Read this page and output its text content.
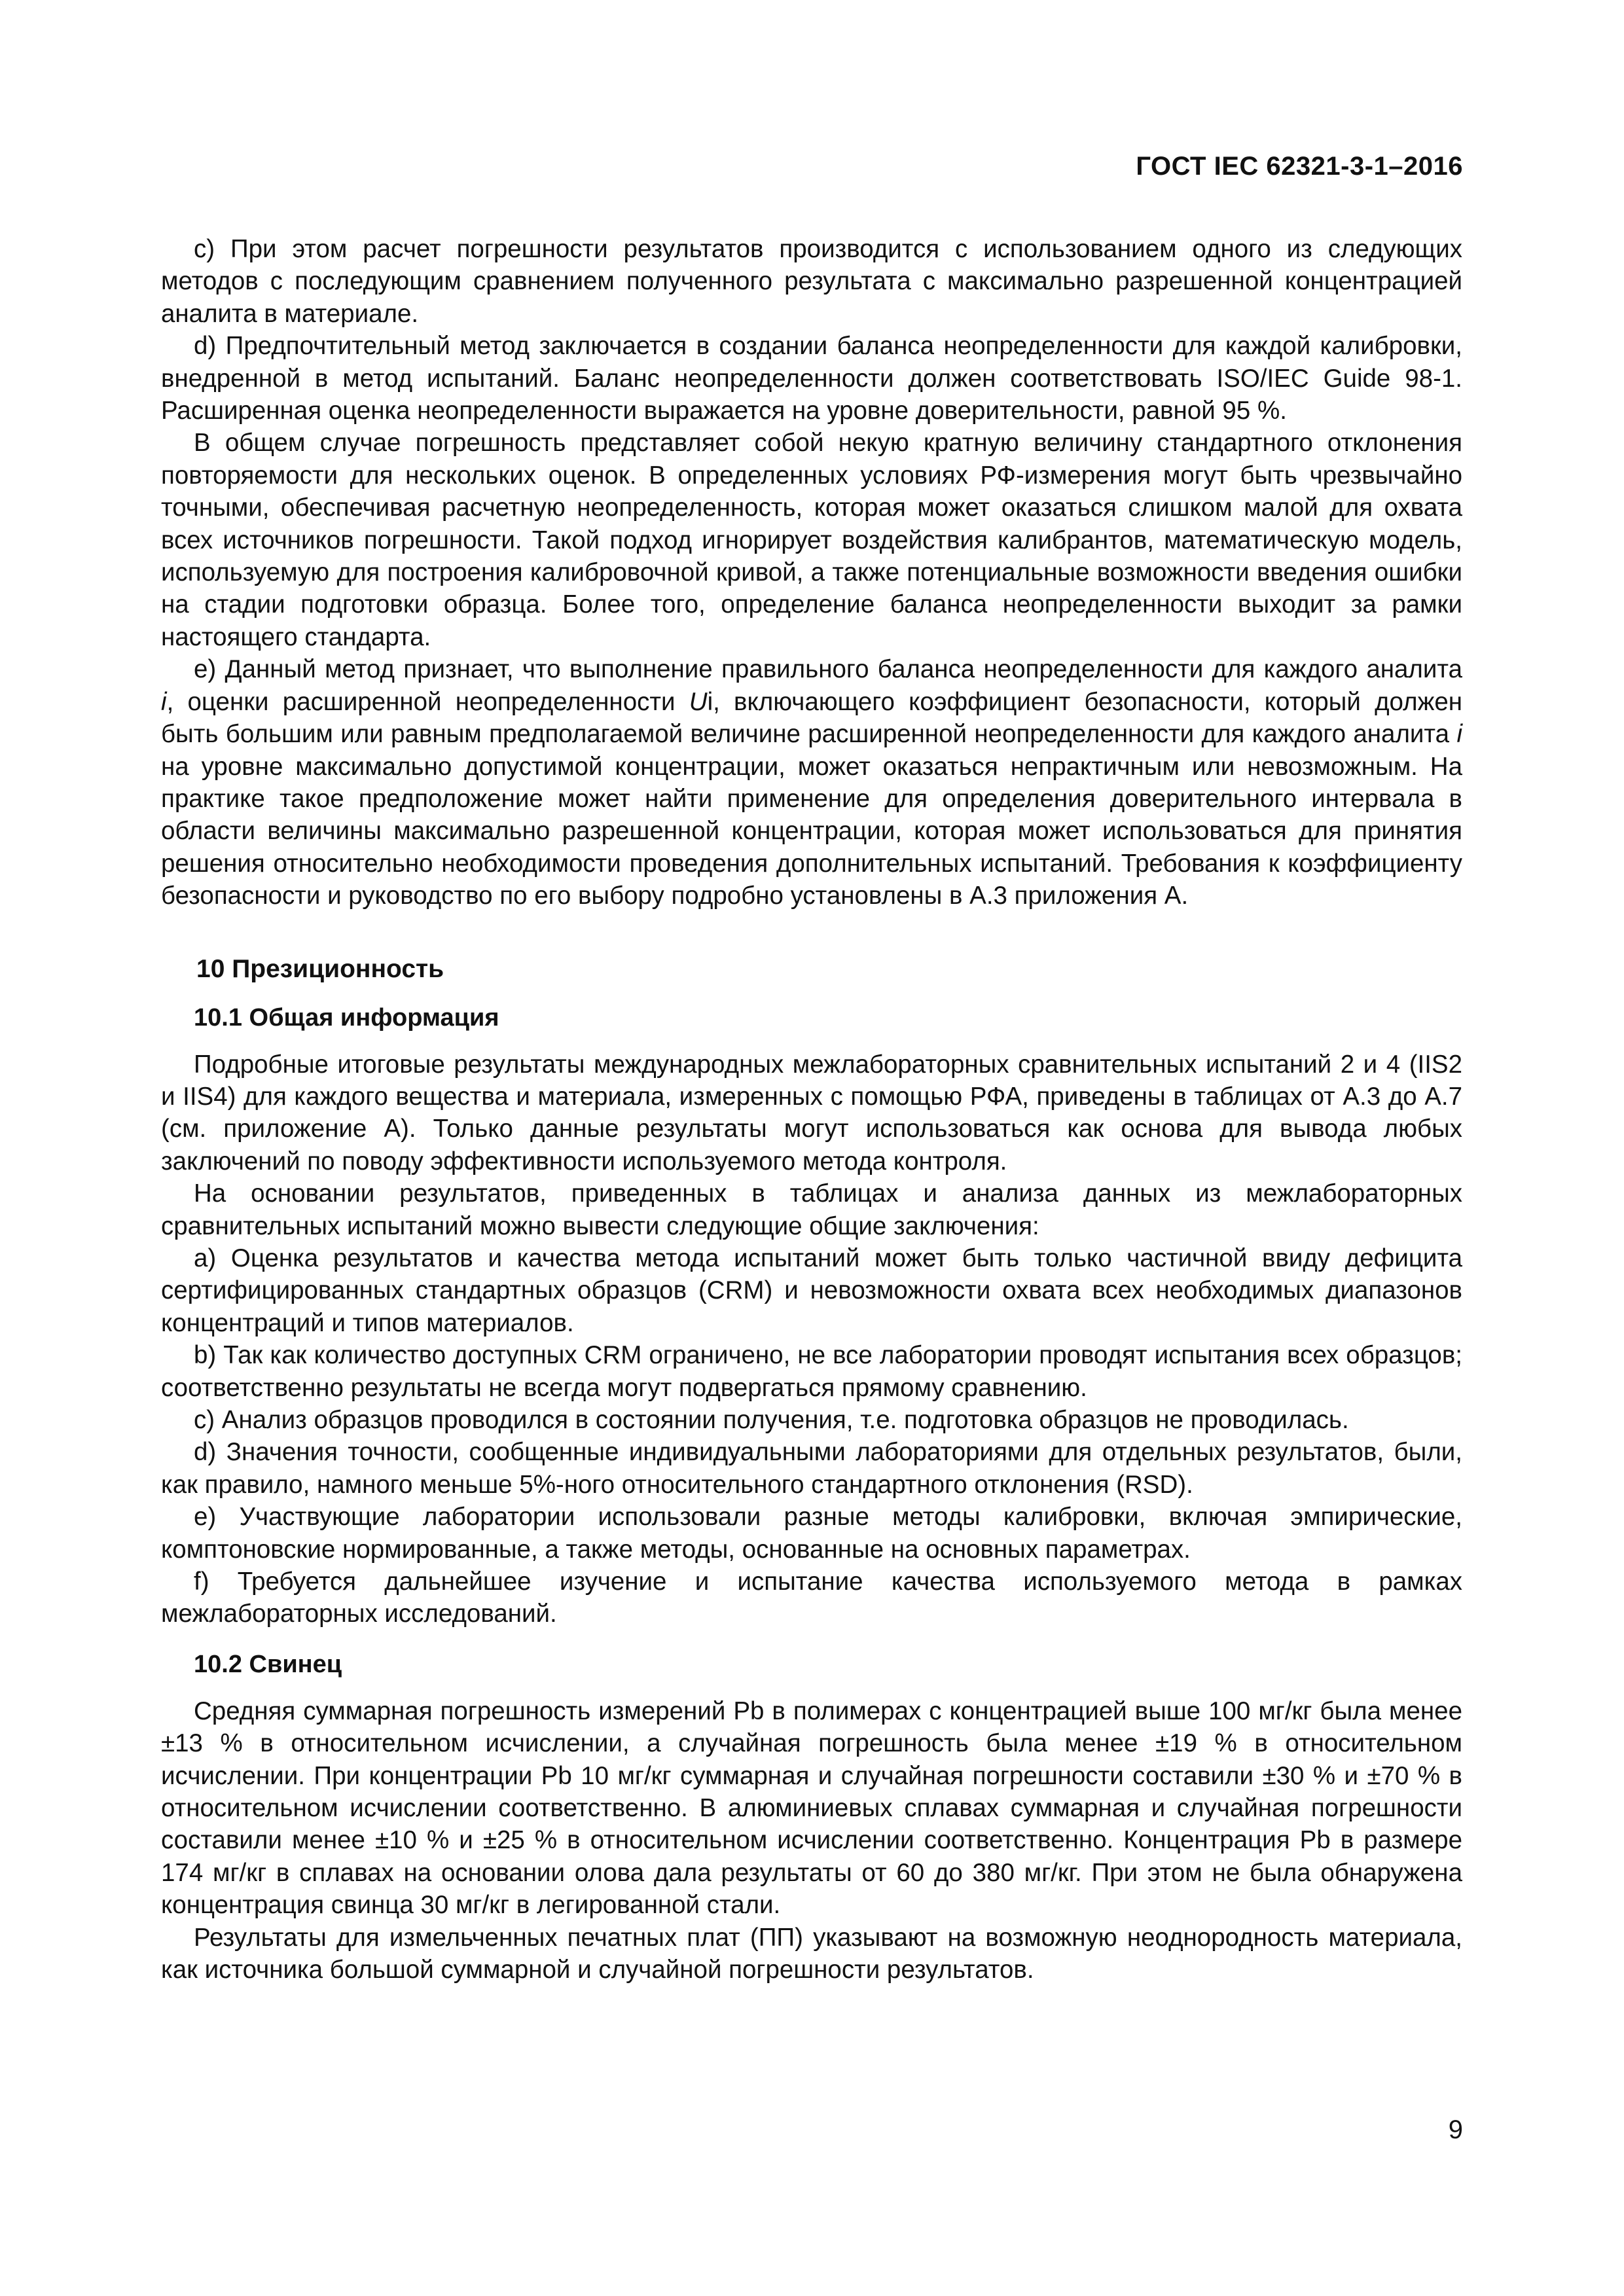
ГОСТ IEC 62321-3-1–2016

с) При этом расчет погрешности результатов производится с использованием одного из следующих методов с последующим сравнением полученного результата с максимально разрешенной концентрацией аналита в материале.

d) Предпочтительный метод заключается в создании баланса неопределенности для каждой калибровки, внедренной в метод испытаний. Баланс неопределенности должен соответствовать ISO/IEC Guide 98-1. Расширенная оценка неопределенности выражается на уровне доверительности, равной 95 %.

В общем случае погрешность представляет собой некую кратную величину стандартного отклонения повторяемости для нескольких оценок. В определенных условиях РФ-измерения могут быть чрезвычайно точными, обеспечивая расчетную неопределенность, которая может оказаться слишком малой для охвата всех источников погрешности. Такой подход игнорирует воздействия калибрантов, математическую модель, используемую для построения калибровочной кривой, а также потенциальные возможности введения ошибки на стадии подготовки образца. Более того, определение баланса неопределенности выходит за рамки настоящего стандарта.

е) Данный метод признает, что выполнение правильного баланса неопределенности для каждого аналита i, оценки расширенной неопределенности Ui, включающего коэффициент безопасности, который должен быть большим или равным предполагаемой величине расширенной неопределенности для каждого аналита i на уровне максимально допустимой концентрации, может оказаться непрактичным или невозможным. На практике такое предположение может найти применение для определения доверительного интервала в области величины максимально разрешенной концентрации, которая может использоваться для принятия решения относительно необходимости проведения дополнительных испытаний. Требования к коэффициенту безопасности и руководство по его выбору подробно установлены в А.3 приложения А.

10 Презиционность
10.1 Общая информация

Подробные итоговые результаты международных межлабораторных сравнительных испытаний 2 и 4 (IIS2 и IIS4) для каждого вещества и материала, измеренных с помощью РФА, приведены в таблицах от А.3 до А.7 (см. приложение А). Только данные результаты могут использоваться как основа для вывода любых заключений по поводу эффективности используемого метода контроля.

На основании результатов, приведенных в таблицах и анализа данных из межлабораторных сравнительных испытаний можно вывести следующие общие заключения:

а) Оценка результатов и качества метода испытаний может быть только частичной ввиду дефицита сертифицированных стандартных образцов (CRM) и невозможности охвата всех необходимых диапазонов концентраций и типов материалов.

b) Так как количество доступных CRM ограничено, не все лаборатории проводят испытания всех образцов; соответственно результаты не всегда могут подвергаться прямому сравнению.

с) Анализ образцов проводился в состоянии получения, т.е. подготовка образцов не проводилась.

d) Значения точности, сообщенные индивидуальными лабораториями для отдельных результатов, были, как правило, намного меньше 5%-ного относительного стандартного отклонения (RSD).

е) Участвующие лаборатории использовали разные методы калибровки, включая эмпирические, комптоновские нормированные, а также методы, основанные на основных параметрах.

f) Требуется дальнейшее изучение и испытание качества используемого метода в рамках межлабораторных исследований.

10.2 Свинец

Средняя суммарная погрешность измерений Pb в полимерах с концентрацией выше 100 мг/кг была менее ±13 % в относительном исчислении, а случайная погрешность была менее ±19 % в относительном исчислении. При концентрации Pb 10 мг/кг суммарная и случайная погрешности составили ±30 % и ±70 % в относительном исчислении соответственно. В алюминиевых сплавах суммарная и случайная погрешности составили менее ±10 % и ±25 % в относительном исчислении соответственно. Концентрация Pb в размере 174 мг/кг в сплавах на основании олова дала результаты от 60 до 380 мг/кг. При этом не была обнаружена концентрация свинца 30 мг/кг в легированной стали.

Результаты для измельченных печатных плат (ПП) указывают на возможную неоднородность материала, как источника большой суммарной и случайной погрешности результатов.

9
